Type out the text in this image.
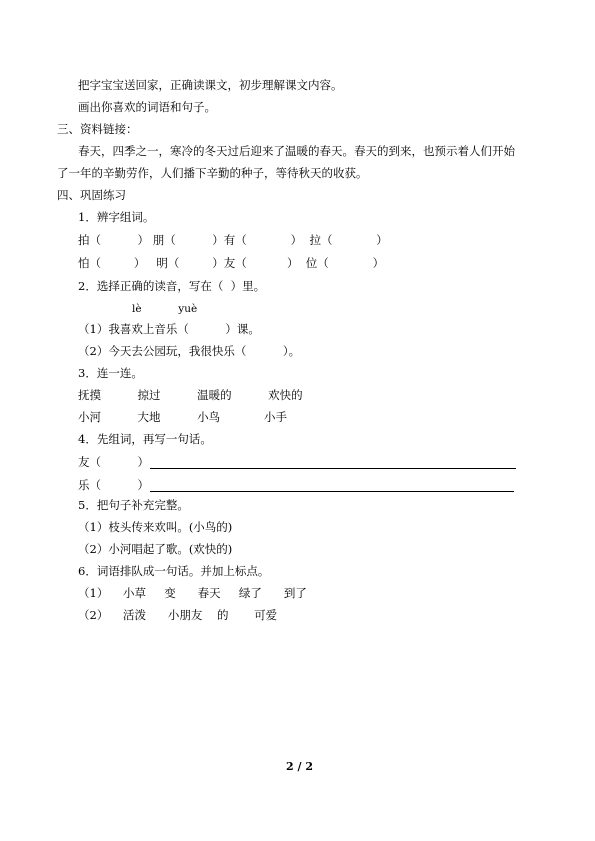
把字宝宝送回家，正确读课文，初步理解课文内容。
画出你喜欢的词语和句子。
三、资料链接：
春天，四季之一，寒冷的冬天过后迎来了温暖的春天。春天的到来，也预示着人们开始
了一年的辛勤劳作，人们播下辛勤的种子，等待秋天的收获。
四、巩固练习
1．辨字组词。
拍（          ） 朋（          ）有（            ）  拉（            ）
怕（         ）   明（         ）友（           ）  位（            ）
2．选择正确的读音，写在（  ）里。
lè           yuè
（1）我喜欢上音乐（          ）课。
（2）今天去公园玩，我很快乐（          ）。
3．连一连。
抚摸          掠过          温暖的          欢快的
小河          大地          小鸟            小手
4．先组词，再写一句话。
友（          ）
乐（          ）
5．把句子补充完整。
（1）枝头传来欢叫。(小鸟的)
（2）小河唱起了歌。(欢快的)
6．词语排队成一句话。并加上标点。
（1）    小草     变      春天     绿了      到了
（2）    活泼      小朋友    的       可爱
2 / 2
